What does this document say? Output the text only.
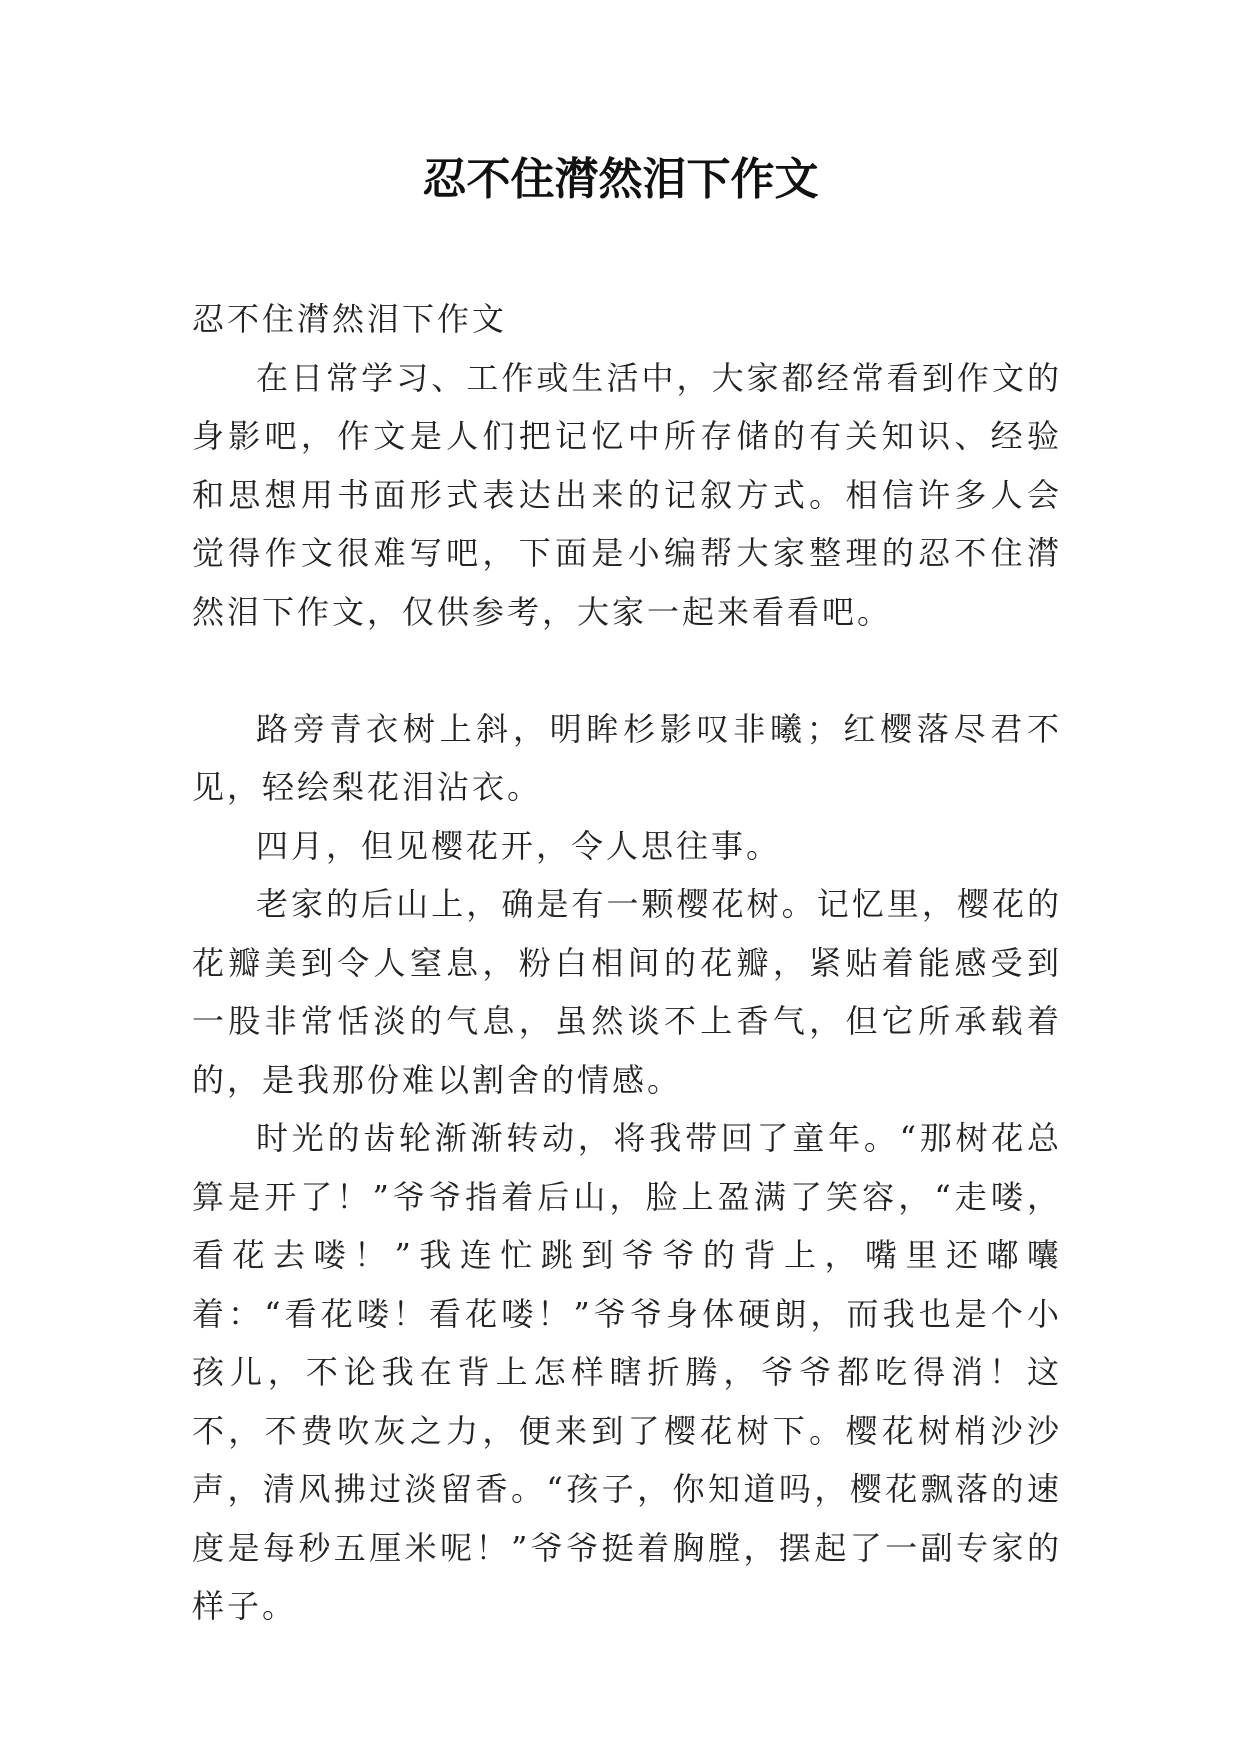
忍不住潸然泪下作文

忍不住潸然泪下作文

在日常学习、工作或生活中，大家都经常看到作文的身影吧，作文是人们把记忆中所存储的有关知识、经验和思想用书面形式表达出来的记叙方式。相信许多人会觉得作文很难写吧，下面是小编帮大家整理的忍不住潸然泪下作文，仅供参考，大家一起来看看吧。

路旁青衣树上斜，明眸杉影叹非曦；红樱落尽君不见，轻绘梨花泪沾衣。

四月，但见樱花开，令人思往事。

老家的后山上，确是有一颗樱花树。记忆里，樱花的花瓣美到令人窒息，粉白相间的花瓣，紧贴着能感受到一股非常恬淡的气息，虽然谈不上香气，但它所承载着的，是我那份难以割舍的情感。

时光的齿轮渐渐转动，将我带回了童年。“那树花总算是开了！”爷爷指着后山，脸上盈满了笑容，“走喽，看花去喽！”我连忙跳到爷爷的背上，嘴里还嘟囔着：“看花喽！看花喽！”爷爷身体硬朗，而我也是个小孩儿，不论我在背上怎样瞎折腾，爷爷都吃得消！这不，不费吹灰之力，便来到了樱花树下。樱花树梢沙沙声，清风拂过淡留香。“孩子，你知道吗，樱花飘落的速度是每秒五厘米呢！”爷爷挺着胸膛，摆起了一副专家的样子。
